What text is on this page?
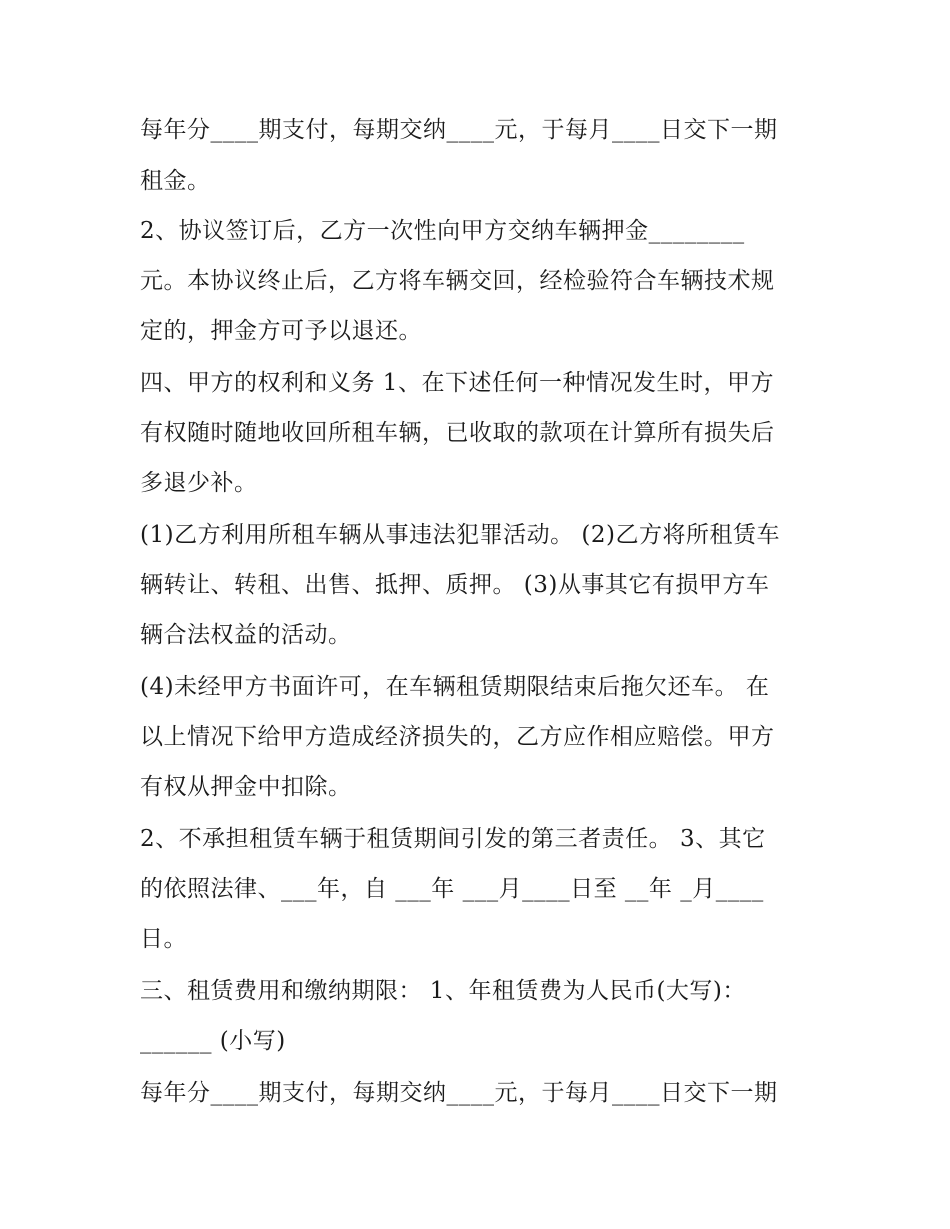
每年分____期支付，每期交纳____元，于每月____日交下一期
租金。
2、协议签订后，乙方一次性向甲方交纳车辆押金________
元。本协议终止后，乙方将车辆交回，经检验符合车辆技术规
定的，押金方可予以退还。
四、甲方的权利和义务 1、在下述任何一种情况发生时，甲方
有权随时随地收回所租车辆，已收取的款项在计算所有损失后
多退少补。
(1)乙方利用所租车辆从事违法犯罪活动。 (2)乙方将所租赁车
辆转让、转租、出售、抵押、质押。 (3)从事其它有损甲方车
辆合法权益的活动。
(4)未经甲方书面许可，在车辆租赁期限结束后拖欠还车。 在
以上情况下给甲方造成经济损失的，乙方应作相应赔偿。甲方
有权从押金中扣除。
2、不承担租赁车辆于租赁期间引发的第三者责任。 3、其它
的依照法律、___年，自 ___年 ___月____日至 __年 _月____
日。
三、租赁费用和缴纳期限： 1、年租赁费为人民币(大写)：
______ (小写)
每年分____期支付，每期交纳____元，于每月____日交下一期
